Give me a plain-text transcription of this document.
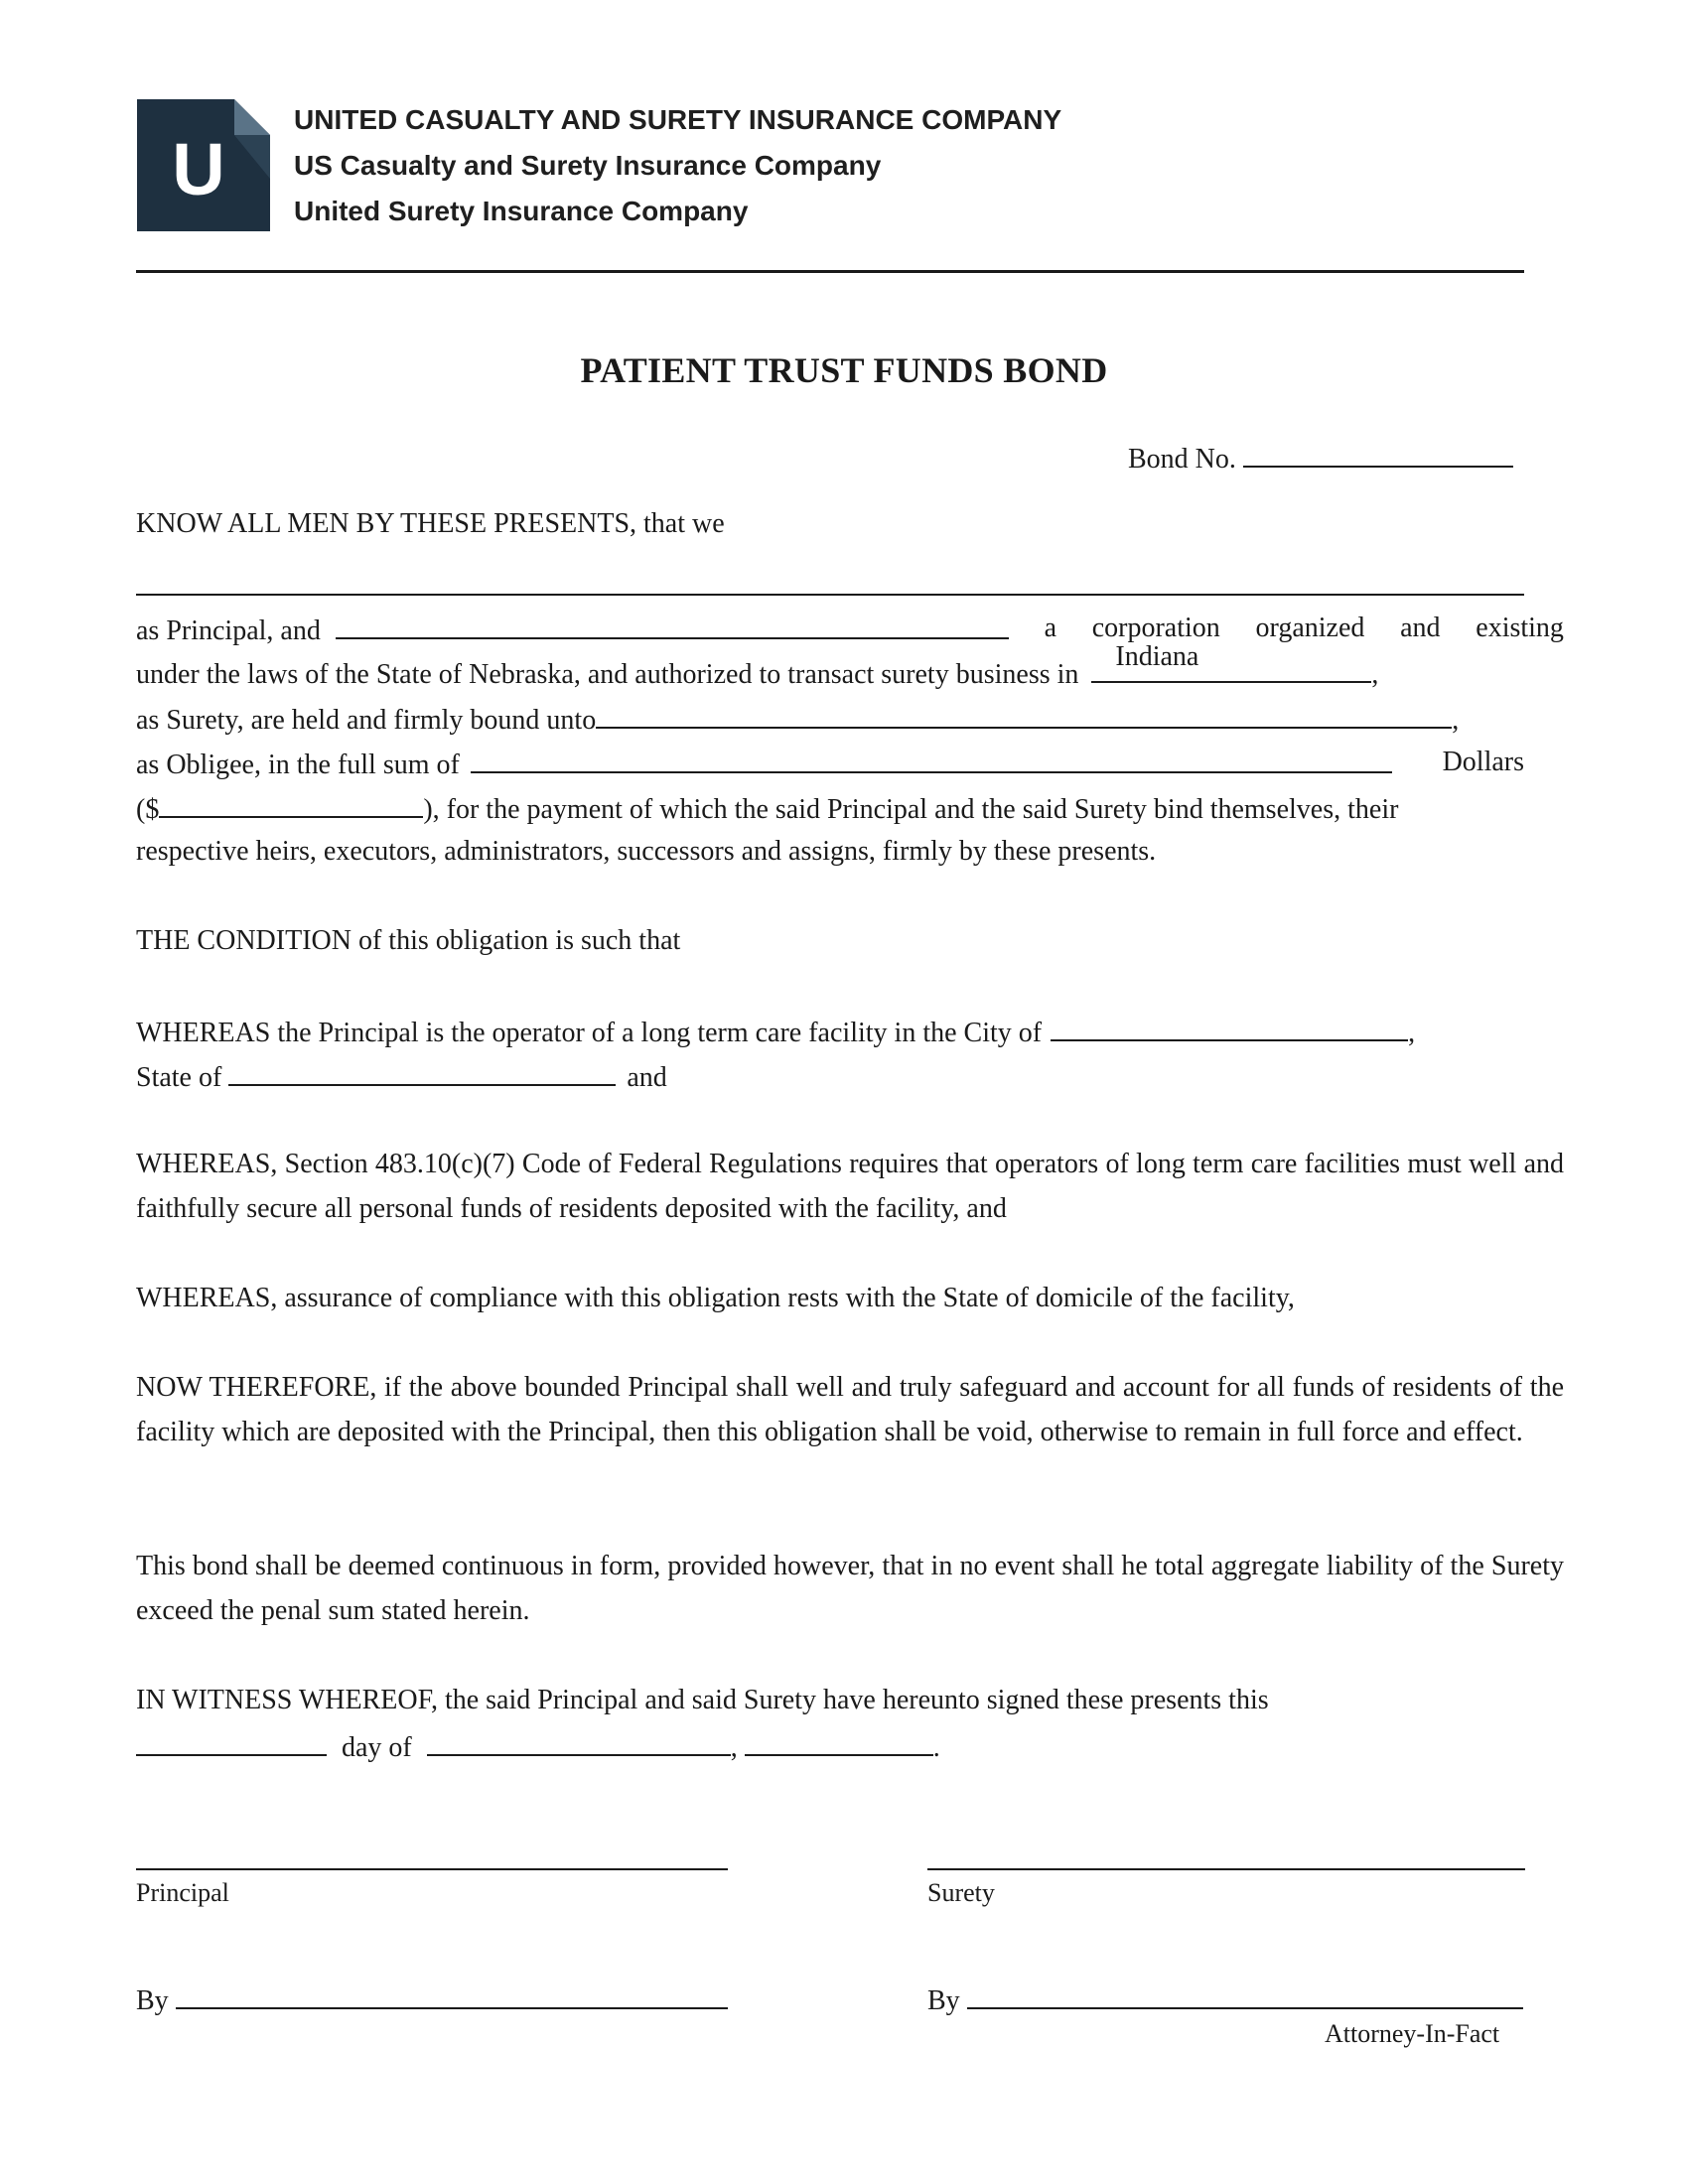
U
UNITED CASUALTY AND SURETY INSURANCE COMPANY
US Casualty and Surety Insurance Company
United Surety Insurance Company
PATIENT TRUST FUNDS BOND
Bond No.
KNOW ALL MEN BY THESE PRESENTS, that we
as Principal, and	a corporation organized and existing
under the laws of the State of Nebraska, and authorized to transact surety business in
Indiana
,
as Surety, are held and firmly bound unto	,
as Obligee, in the full sum of	Dollars
($	), for the payment of which the said Principal and the said Surety bind themselves, their
respective heirs, executors, administrators, successors and assigns, firmly by these presents.
THE CONDITION of this obligation is such that
WHEREAS the Principal is the operator of a long term care facility in the City of	,
State of	and
WHEREAS, Section 483.10(c)(7) Code of Federal Regulations requires that operators of long term care facilities must well and faithfully secure all personal funds of residents deposited with the facility, and
WHEREAS, assurance of compliance with this obligation rests with the State of domicile of the facility,
NOW THEREFORE, if the above bounded Principal shall well and truly safeguard and account for all funds of residents of the facility which are deposited with the Principal, then this obligation shall be void, otherwise to remain in full force and effect.
This bond shall be deemed continuous in form, provided however, that in no event shall he total aggregate liability of the Surety exceed the penal sum stated herein.
IN WITNESS WHEREOF, the said Principal and said Surety have hereunto signed these presents this
day of	,	.
Principal	Surety
By	By
Attorney-In-Fact
